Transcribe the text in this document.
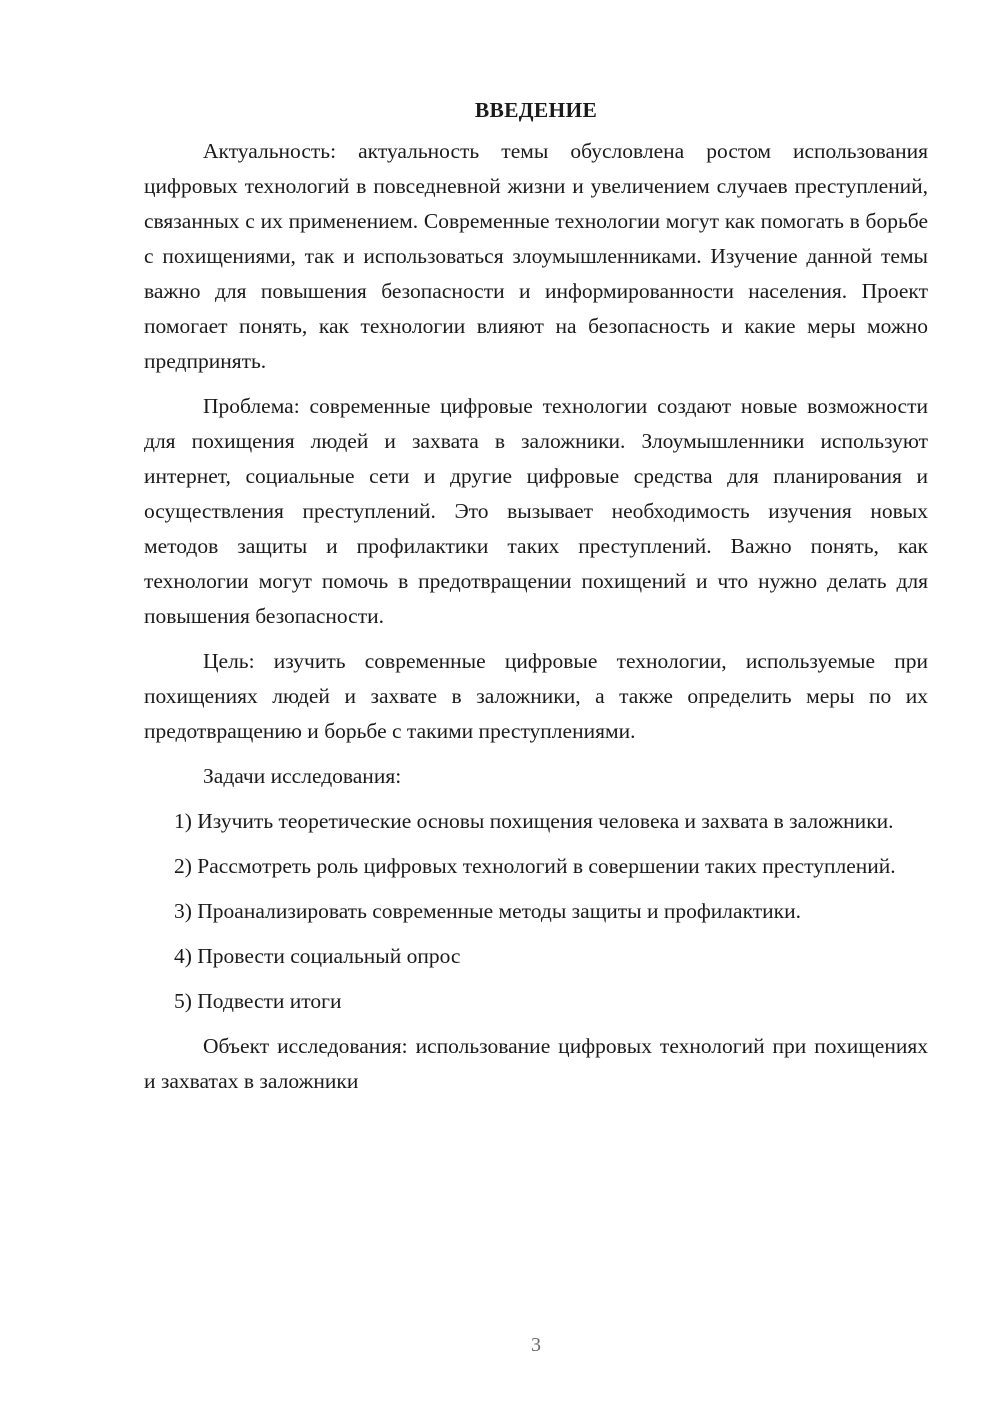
ВВЕДЕНИЕ

Актуальность: актуальность темы обусловлена ростом использования цифровых технологий в повседневной жизни и увеличением случаев преступлений, связанных с их применением. Современные технологии могут как помогать в борьбе с похищениями, так и использоваться злоумышленниками. Изучение данной темы важно для повышения безопасности и информированности населения. Проект помогает понять, как технологии влияют на безопасность и какие меры можно предпринять.

Проблема: современные цифровые технологии создают новые возможности для похищения людей и захвата в заложники. Злоумышленники используют интернет, социальные сети и другие цифровые средства для планирования и осуществления преступлений. Это вызывает необходимость изучения новых методов защиты и профилактики таких преступлений. Важно понять, как технологии могут помочь в предотвращении похищений и что нужно делать для повышения безопасности.

Цель: изучить современные цифровые технологии, используемые при похищениях людей и захвате в заложники, а также определить меры по их предотвращению и борьбе с такими преступлениями.

Задачи исследования:

1) Изучить теоретические основы похищения человека и захвата в заложники.

2) Рассмотреть роль цифровых технологий в совершении таких преступлений.

3) Проанализировать современные методы защиты и профилактики.

4) Провести социальный опрос

5) Подвести итоги

Объект исследования: использование цифровых технологий при похищениях и захватах в заложники

3
